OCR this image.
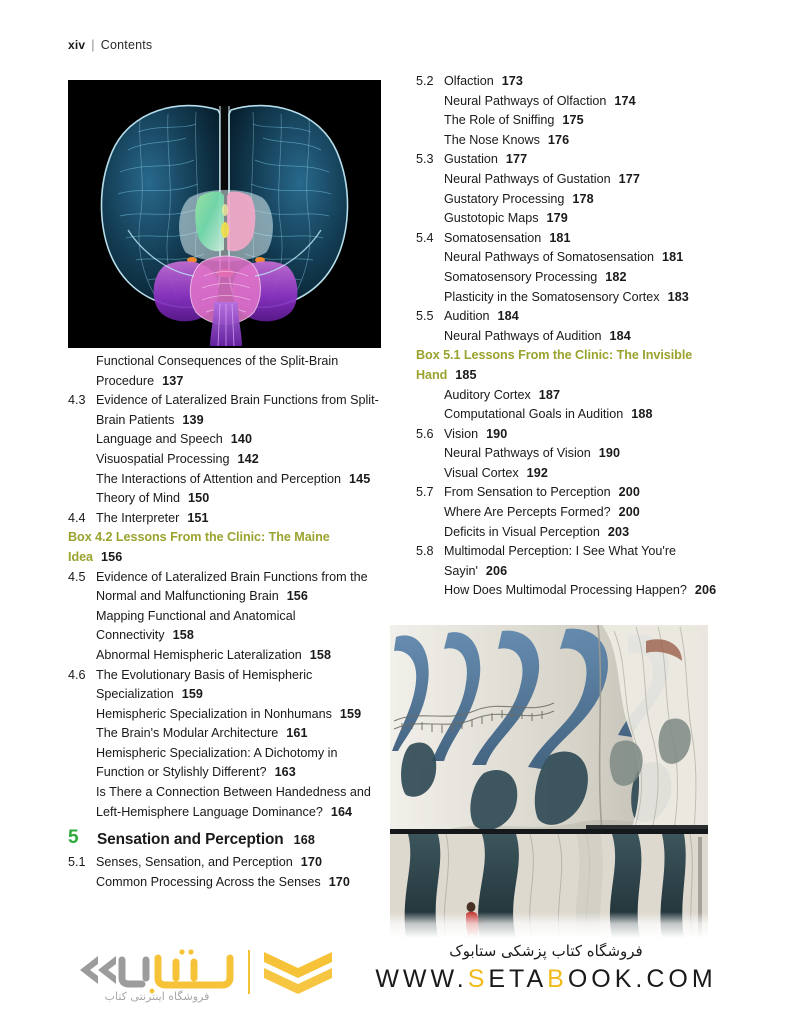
xiv | Contents
Functional Consequences of the Split-Brain Procedure 137
4.3 Evidence of Lateralized Brain Functions from Split-Brain Patients 139
Language and Speech 140
Visuospatial Processing 142
The Interactions of Attention and Perception 145
Theory of Mind 150
4.4 The Interpreter 151
Box 4.2 Lessons From the Clinic: The Maine Idea 156
4.5 Evidence of Lateralized Brain Functions from the Normal and Malfunctioning Brain 156
Mapping Functional and Anatomical Connectivity 158
Abnormal Hemispheric Lateralization 158
4.6 The Evolutionary Basis of Hemispheric Specialization 159
Hemispheric Specialization in Nonhumans 159
The Brain's Modular Architecture 161
Hemispheric Specialization: A Dichotomy in Function or Stylishly Different? 163
Is There a Connection Between Handedness and Left-Hemisphere Language Dominance? 164
5 Sensation and Perception 168
5.1 Senses, Sensation, and Perception 170
Common Processing Across the Senses 170
5.2 Olfaction 173
Neural Pathways of Olfaction 174
The Role of Sniffing 175
The Nose Knows 176
5.3 Gustation 177
Neural Pathways of Gustation 177
Gustatory Processing 178
Gustotopic Maps 179
5.4 Somatosensation 181
Neural Pathways of Somatosensation 181
Somatosensory Processing 182
Plasticity in the Somatosensory Cortex 183
5.5 Audition 184
Neural Pathways of Audition 184
Box 5.1 Lessons From the Clinic: The Invisible Hand 185
Auditory Cortex 187
Computational Goals in Audition 188
5.6 Vision 190
Neural Pathways of Vision 190
Visual Cortex 192
5.7 From Sensation to Perception 200
Where Are Percepts Formed? 200
Deficits in Visual Perception 203
5.8 Multimodal Perception: I See What You're Sayin' 206
How Does Multimodal Processing Happen? 206
فروشگاه اینترنتی کتاب
فروشگاه کتاب پزشکی ستابوک
WWW.SETABOOK.COM
